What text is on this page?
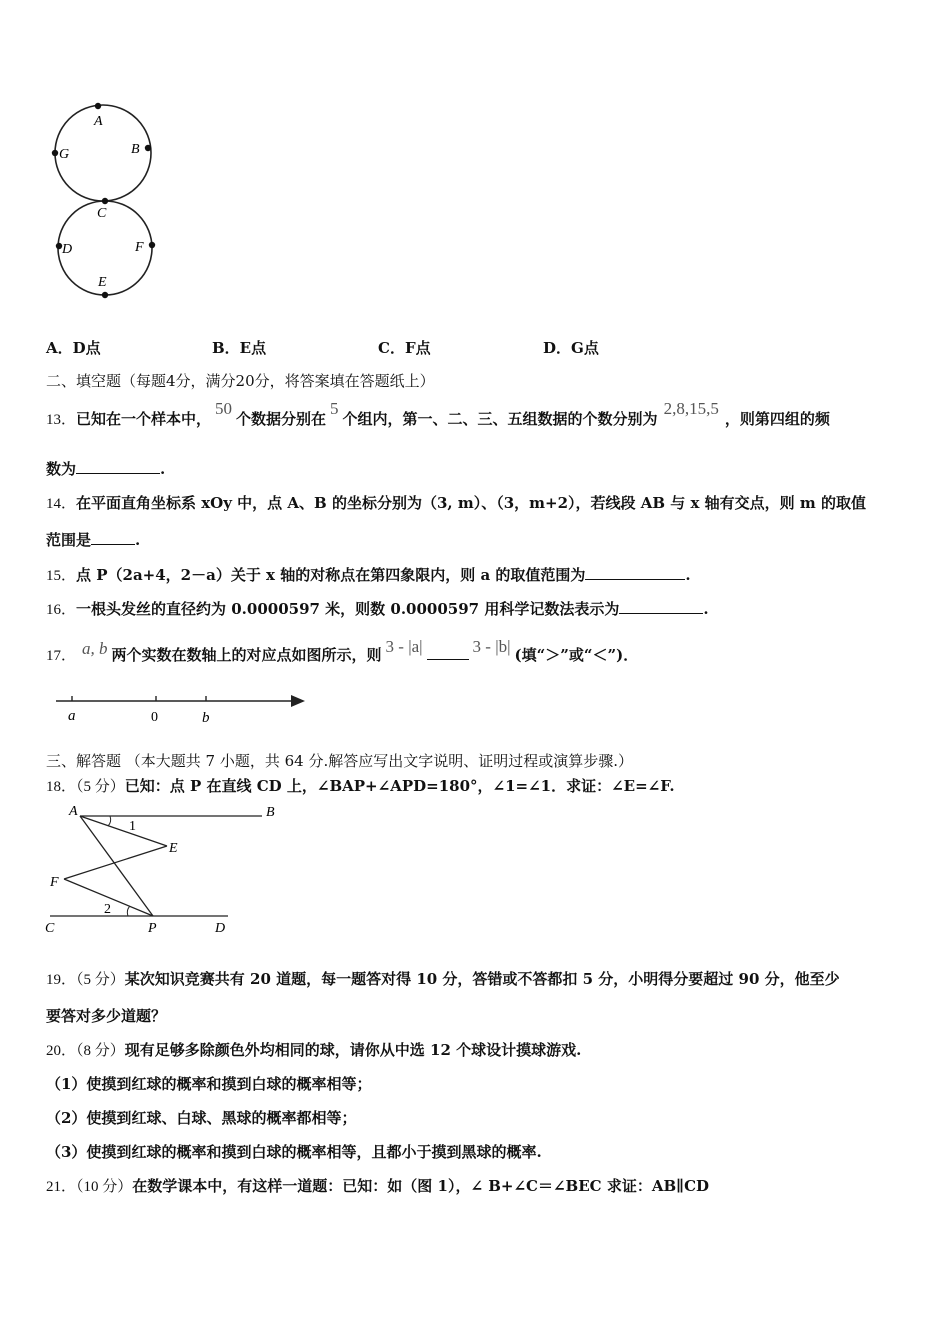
A
B
G
C
D	F
E
A．D点	B．E点	C．F点	D．G点
二、填空题（每题4分，满分20分，将答案填在答题纸上）
13．已知在一个样本中，50个数据分别在5个组内，第一、二、三、五组数据的个数分别为2,8,15,5，则第四组的频
数为	.
14．在平面直角坐标系 xOy 中，点 A、B 的坐标分别为（3, m）、（3，m+2），若线段 AB 与 x 轴有交点，则 m 的取值
范围是	.
15．点 P（2a+4，2－a）关于 x 轴的对称点在第四象限内，则 a 的取值范围为	.
16．一根头发丝的直径约为 0.0000597 米，则数 0.0000597 用科学记数法表示为	.
17． a, b 两个实数在数轴上的对应点如图所示，则 3 - |a|	3 - |b| (填“＞”或“＜”)．
a	0	b
三、解答题 （本大题共 7 小题，共 64 分.解答应写出文字说明、证明过程或演算步骤.）
18．（5 分）已知：点 P 在直线 CD 上，∠BAP+∠APD=180°，∠1=∠1．求证：∠E=∠F.
A	B
1
E
F
2
C	P	D
19．（5 分）某次知识竞赛共有 20 道题，每一题答对得 10 分，答错或不答都扣 5 分，小明得分要超过 90 分，他至少
要答对多少道题？
20．（8 分）现有足够多除颜色外均相同的球，请你从中选 12 个球设计摸球游戏.
（1）使摸到红球的概率和摸到白球的概率相等；
（2）使摸到红球、白球、黑球的概率都相等；
（3）使摸到红球的概率和摸到白球的概率相等，且都小于摸到黑球的概率.
21．（10 分）在数学课本中，有这样一道题：已知：如（图 1），∠ B+∠C＝∠BEC 求证：AB∥CD
